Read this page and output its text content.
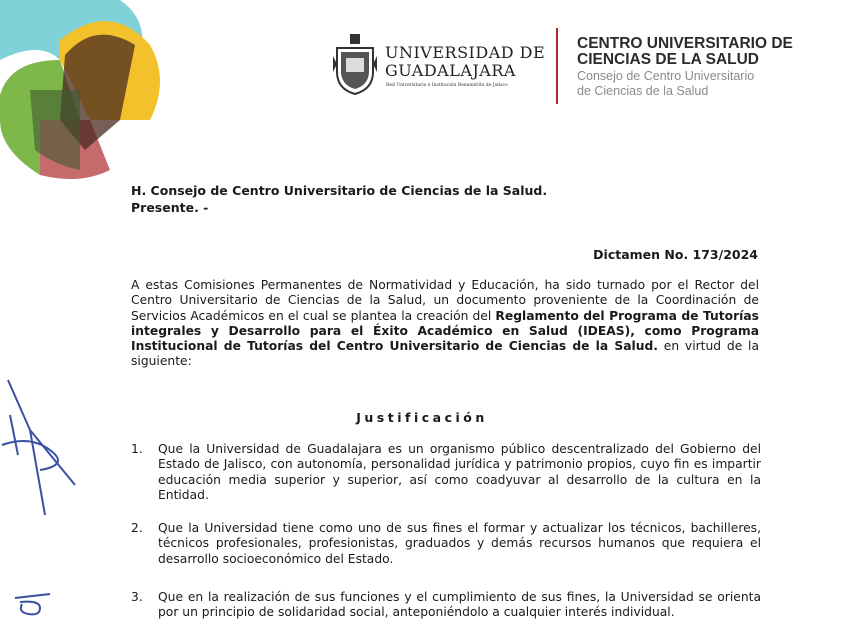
UNIVERSIDAD DE
GUADALAJARA
Red Universitaria e Institución Benemérita de Jalisco
CENTRO UNIVERSITARIO DE
CIENCIAS DE LA SALUD
Consejo de Centro Universitario
de Ciencias de la Salud
H. Consejo de Centro Universitario de Ciencias de la Salud.
Presente. -
Dictamen No. 173/2024
A estas Comisiones Permanentes de Normatividad y Educación, ha sido turnado por el Rector del Centro Universitario de Ciencias de la Salud, un documento proveniente de la Coordinación de Servicios Académicos en el cual se plantea la creación del Reglamento del Programa de Tutorías integrales y Desarrollo para el Éxito Académico en Salud (IDEAS), como Programa Institucional de Tutorías del Centro Universitario de Ciencias de la Salud. en virtud de la siguiente:
Justificación
1. Que la Universidad de Guadalajara es un organismo público descentralizado del Gobierno del Estado de Jalisco, con autonomía, personalidad jurídica y patrimonio propios, cuyo fin es impartir educación media superior y superior, así como coadyuvar al desarrollo de la cultura en la Entidad.
2. Que la Universidad tiene como uno de sus fines el formar y actualizar los técnicos, bachilleres, técnicos profesionales, profesionistas, graduados y demás recursos humanos que requiera el desarrollo socioeconómico del Estado.
3. Que en la realización de sus funciones y el cumplimiento de sus fines, la Universidad se orienta por un principio de solidaridad social, anteponiéndolo a cualquier interés individual.
